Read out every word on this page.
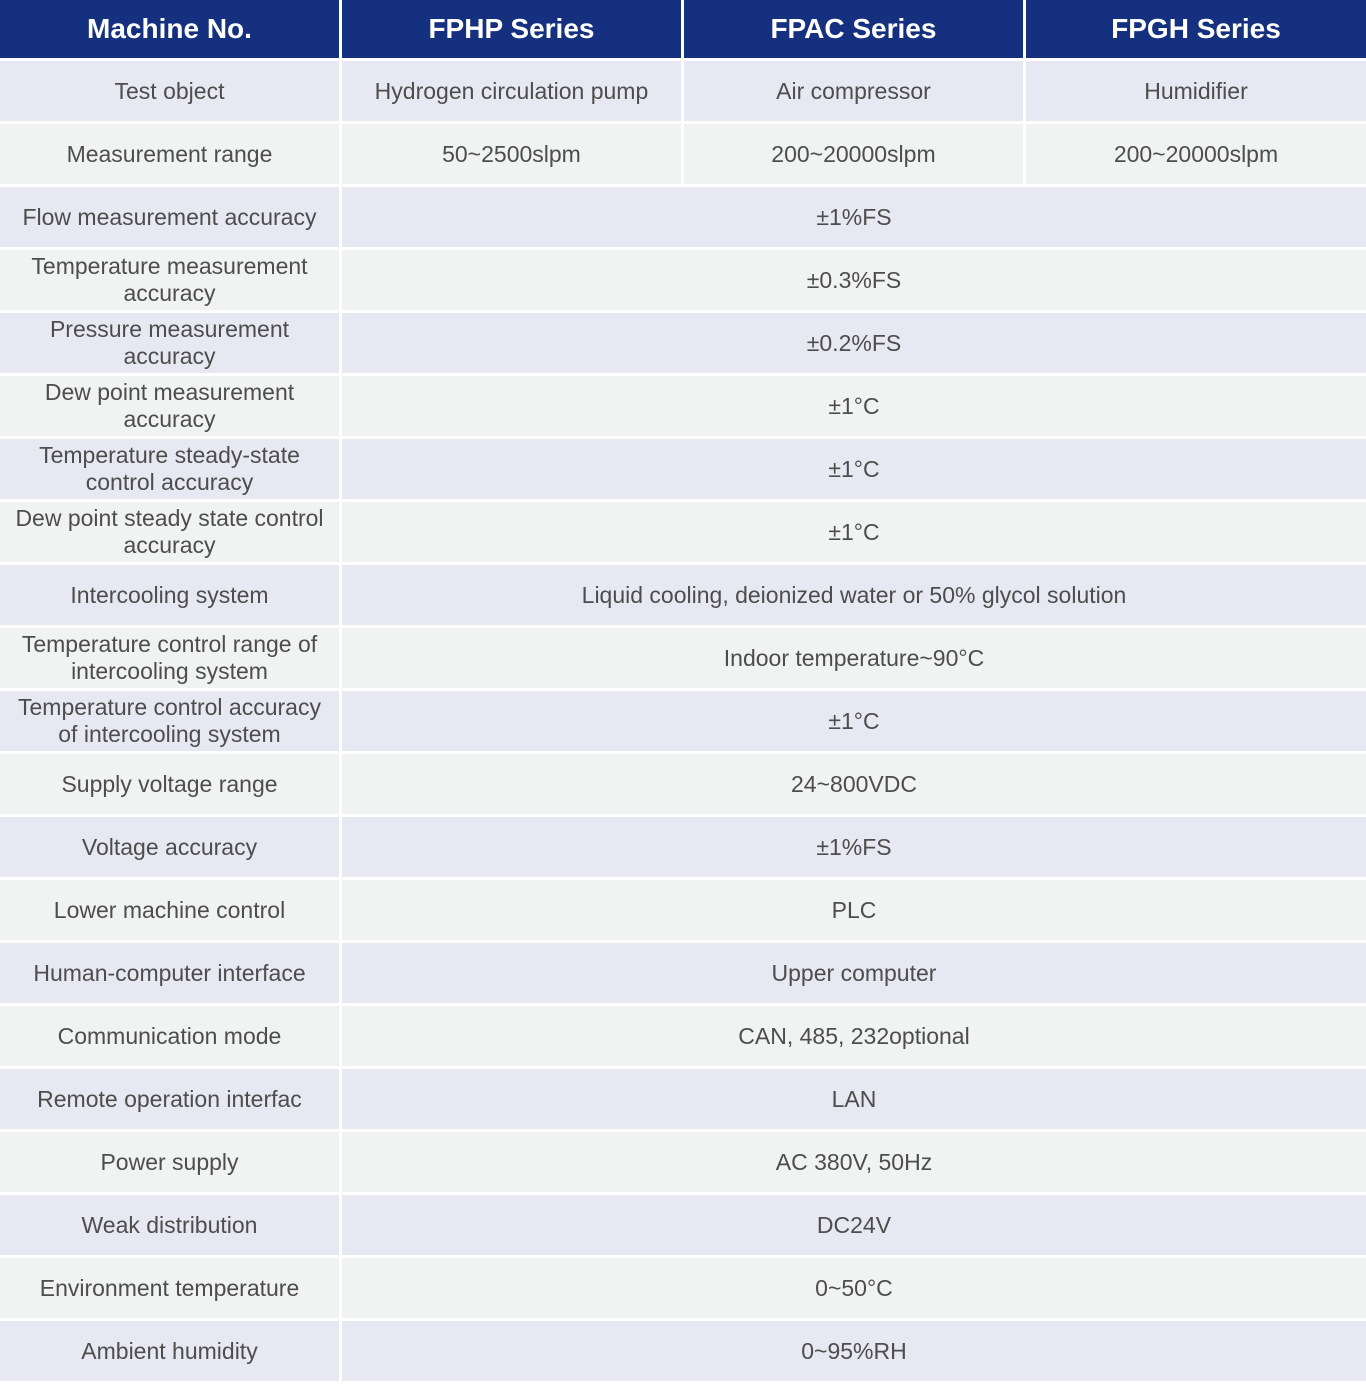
Machine No.	FPHP Series	FPAC Series	FPGH Series
Test object	Hydrogen circulation pump	Air compressor	Humidifier
Measurement range	50~2500slpm	200~20000slpm	200~20000slpm
Flow measurement accuracy	±1%FS		
Temperature measurement accuracy	±0.3%FS		
Pressure measurement accuracy	±0.2%FS		
Dew point measurement accuracy	±1°C		
Temperature steady-state control accuracy	±1°C		
Dew point steady state control accuracy	±1°C		
Intercooling system	Liquid cooling, deionized water or 50% glycol solution		
Temperature control range of intercooling system	Indoor temperature~90°C		
Temperature control accuracy of intercooling system	±1°C		
Supply voltage range	24~800VDC		
Voltage accuracy	±1%FS		
Lower machine control	PLC		
Human-computer interface	Upper computer		
Communication mode	CAN, 485, 232optional		
Remote operation interfac	LAN		
Power supply	AC 380V, 50Hz		
Weak distribution	DC24V		
Environment temperature	0~50°C		
Ambient humidity	0~95%RH		
